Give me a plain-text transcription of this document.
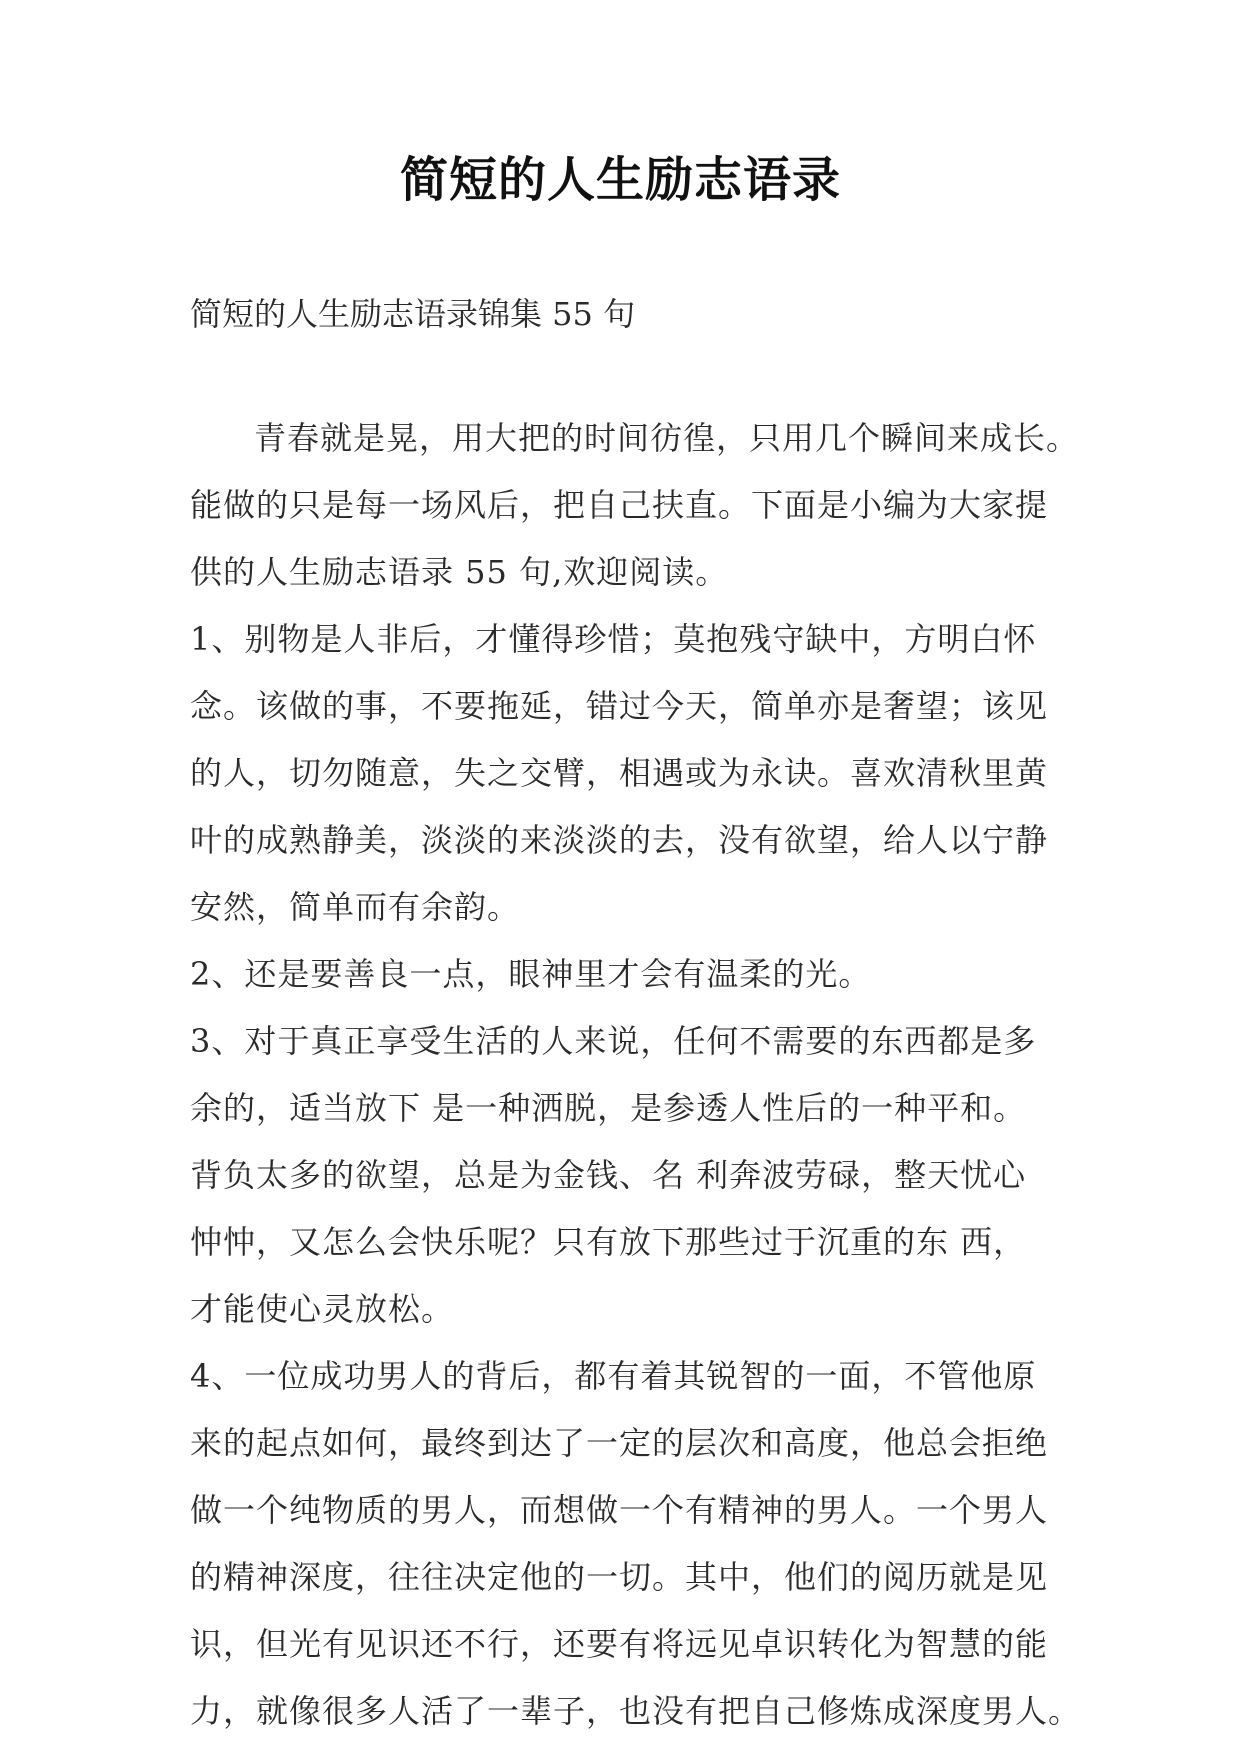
简短的人生励志语录
简短的人生励志语录锦集 55 句
青春就是晃，用大把的时间彷徨，只用几个瞬间来成长。
能做的只是每一场风后，把自己扶直。下面是小编为大家提
供的人生励志语录 55 句,欢迎阅读。
1、别物是人非后，才懂得珍惜；莫抱残守缺中，方明白怀
念。该做的事，不要拖延，错过今天，简单亦是奢望；该见
的人，切勿随意，失之交臂，相遇或为永诀。喜欢清秋里黄
叶的成熟静美，淡淡的来淡淡的去，没有欲望，给人以宁静
安然，简单而有余韵。
2、还是要善良一点，眼神里才会有温柔的光。
3、对于真正享受生活的人来说，任何不需要的东西都是多
余的，适当放下 是一种洒脱，是参透人性后的一种平和。
背负太多的欲望，总是为金钱、名 利奔波劳碌，整天忧心
忡忡，又怎么会快乐呢？只有放下那些过于沉重的东 西，
才能使心灵放松。
4、一位成功男人的背后，都有着其锐智的一面，不管他原
来的起点如何，最终到达了一定的层次和高度，他总会拒绝
做一个纯物质的男人，而想做一个有精神的男人。一个男人
的精神深度，往往决定他的一切。其中，他们的阅历就是见
识，但光有见识还不行，还要有将远见卓识转化为智慧的能
力，就像很多人活了一辈子，也没有把自己修炼成深度男人。
